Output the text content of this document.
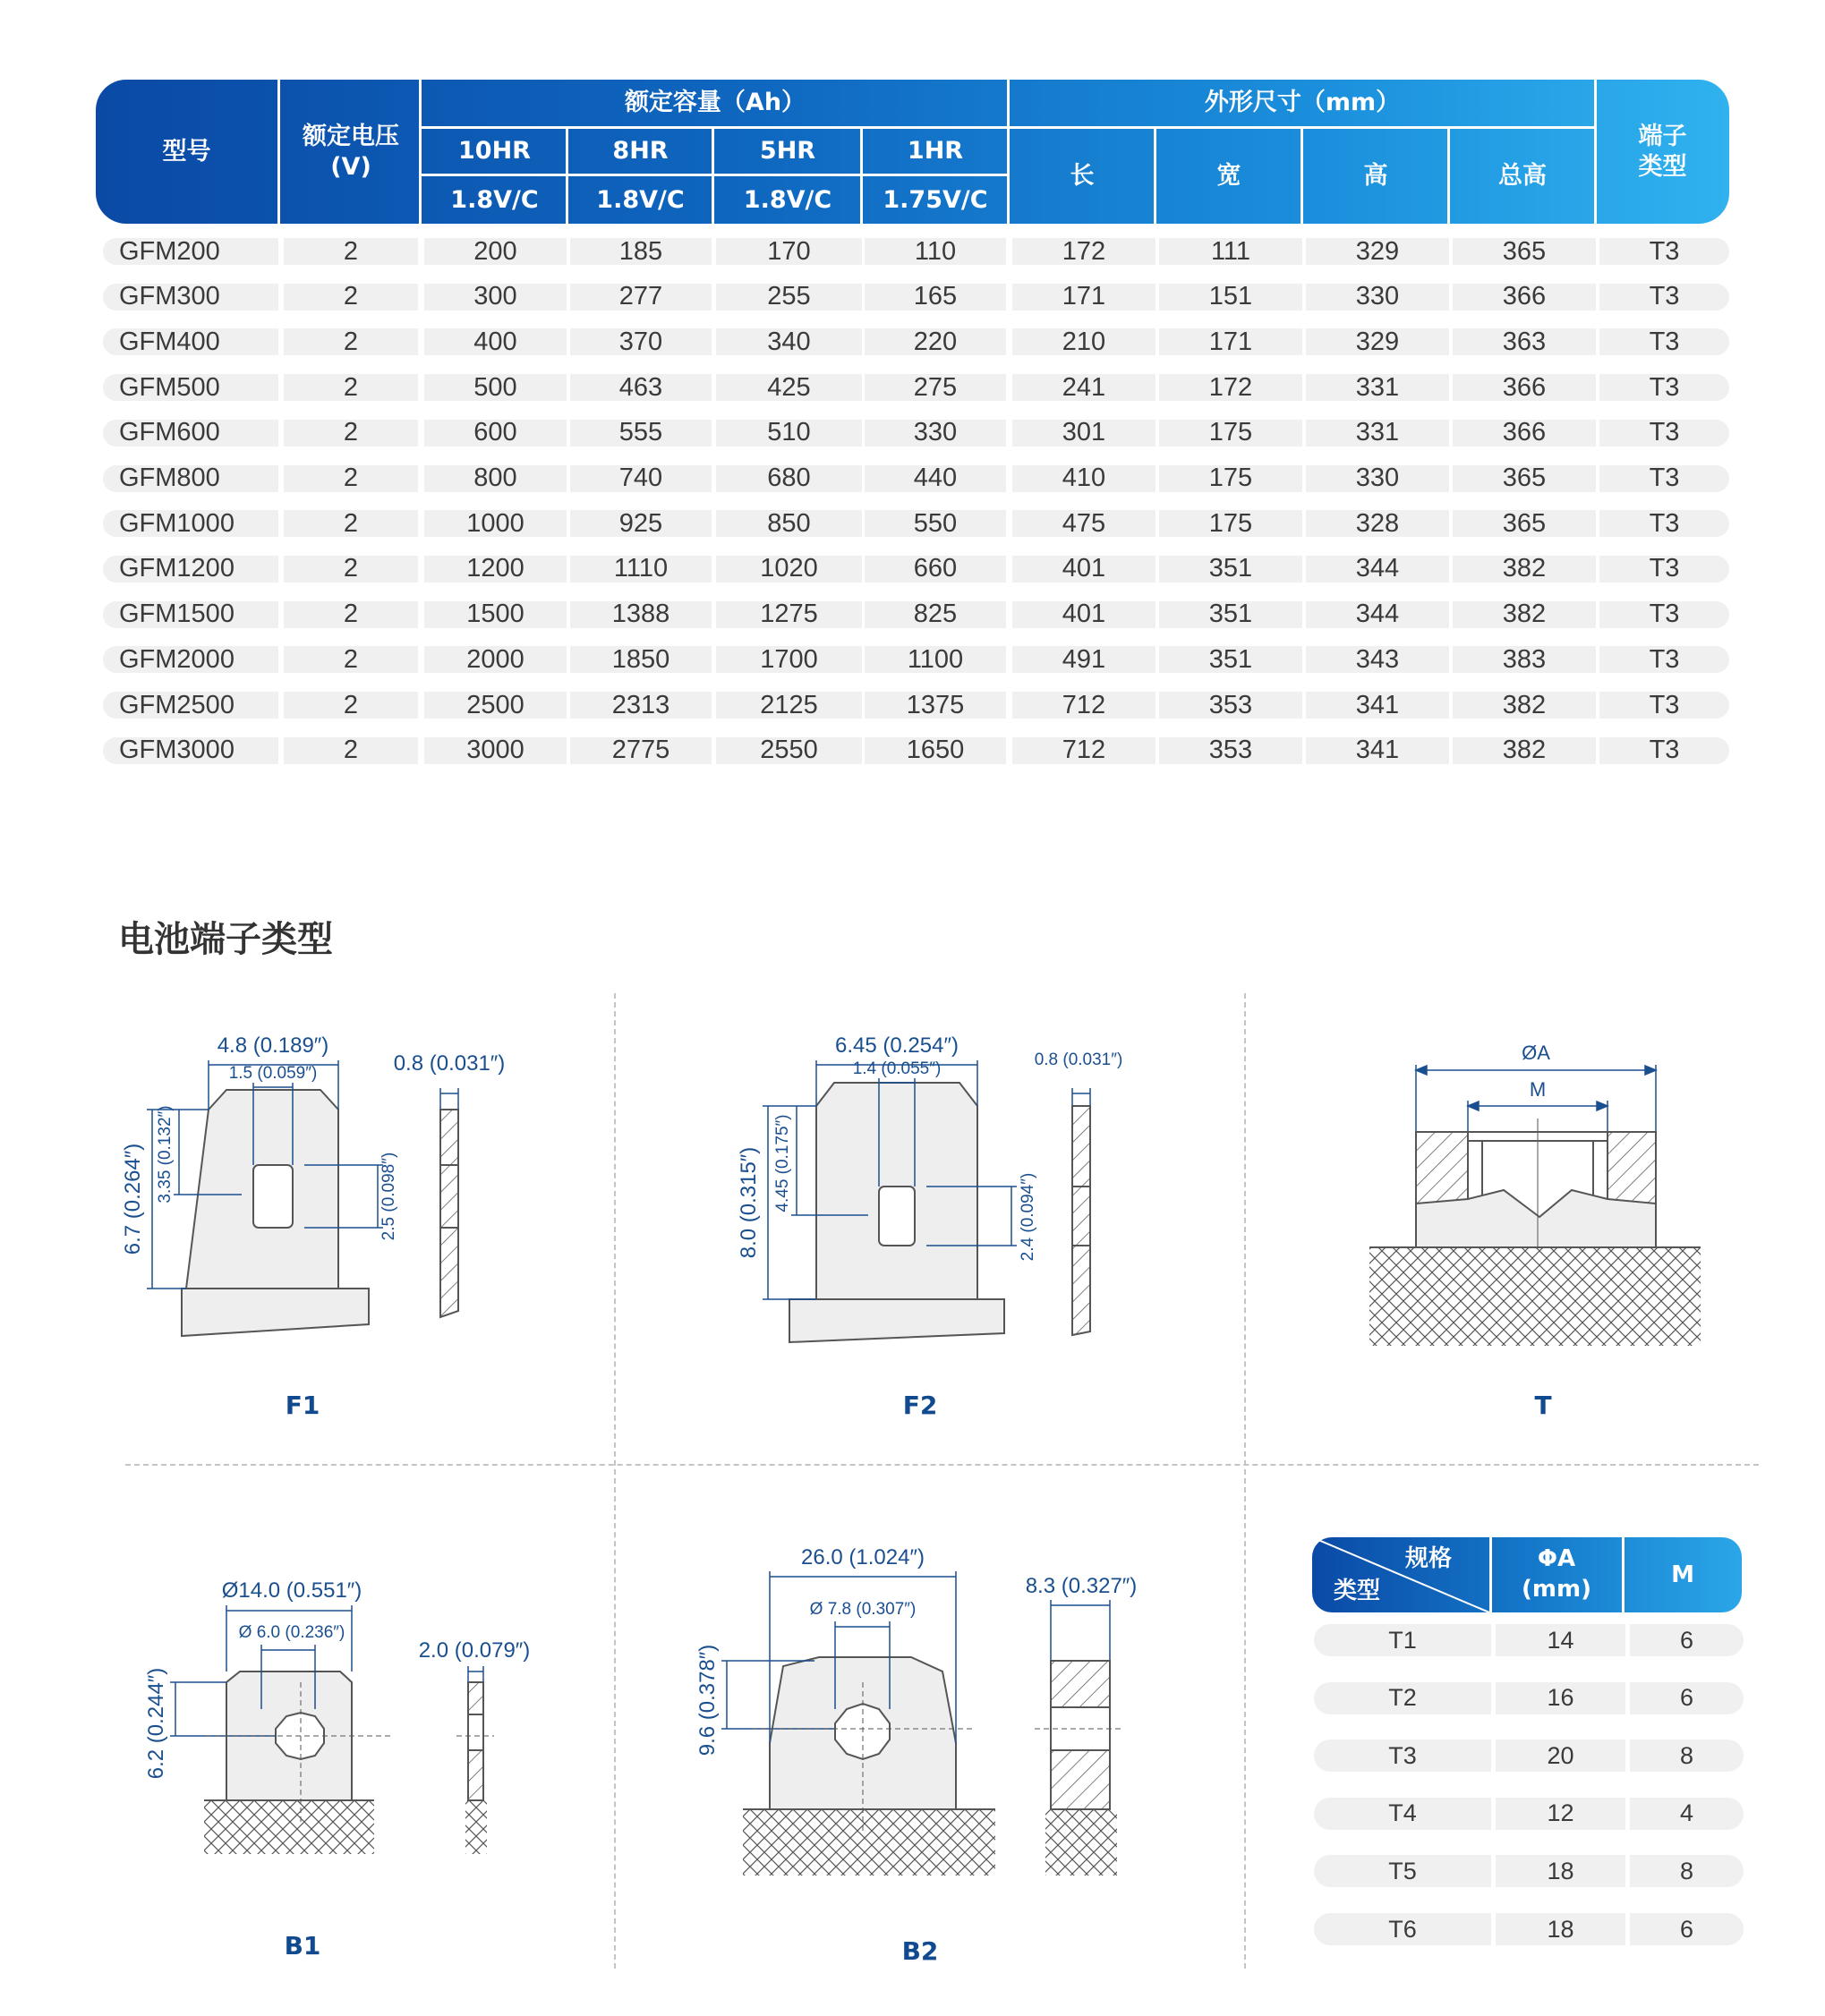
型号
额定电压
(V)
额定容量（Ah）
10HR	8HR	5HR	1HR
1.8V/C	1.8V/C	1.8V/C	1.75V/C
外形尺寸（mm）
长	宽	高	总高
端子
类型
GFM200	2	200	185	170	110	172	111	329	365	T3
GFM300	2	300	277	255	165	171	151	330	366	T3
GFM400	2	400	370	340	220	210	171	329	363	T3
GFM500	2	500	463	425	275	241	172	331	366	T3
GFM600	2	600	555	510	330	301	175	331	366	T3
GFM800	2	800	740	680	440	410	175	330	365	T3
GFM1000	2	1000	925	850	550	475	175	328	365	T3
GFM1200	2	1200	1110	1020	660	401	351	344	382	T3
GFM1500	2	1500	1388	1275	825	401	351	344	382	T3
GFM2000	2	2000	1850	1700	1100	491	351	343	383	T3
GFM2500	2	2500	2313	2125	1375	712	353	341	382	T3
GFM3000	2	3000	2775	2550	1650	712	353	341	382	T3
电池端子类型
4.8 (0.189″)
1.5 (0.059″)	0.8 (0.031″)
6.7 (0.264″) 3.35 (0.132″)	2.5 (0.098″)
F1
6.45 (0.254″)
1.4 (0.055″)	0.8 (0.031″)
8.0 (0.315″) 4.45 (0.175″)
2.4 (0.094″)
F2
ØA
M
T
Ø14.0 (0.551″)
Ø 6.0 (0.236″)
2.0 (0.079″)
6.2 (0.244″)
B1
26.0 (1.024″)
Ø 7.8 (0.307″)
8.3 (0.327″)
9.6 (0.378″)
B2
规格
类型
ΦA
(mm)
M
T1	14	6
T2	16	6
T3	20	8
T4	12	4
T5	18	8
T6	18	6
